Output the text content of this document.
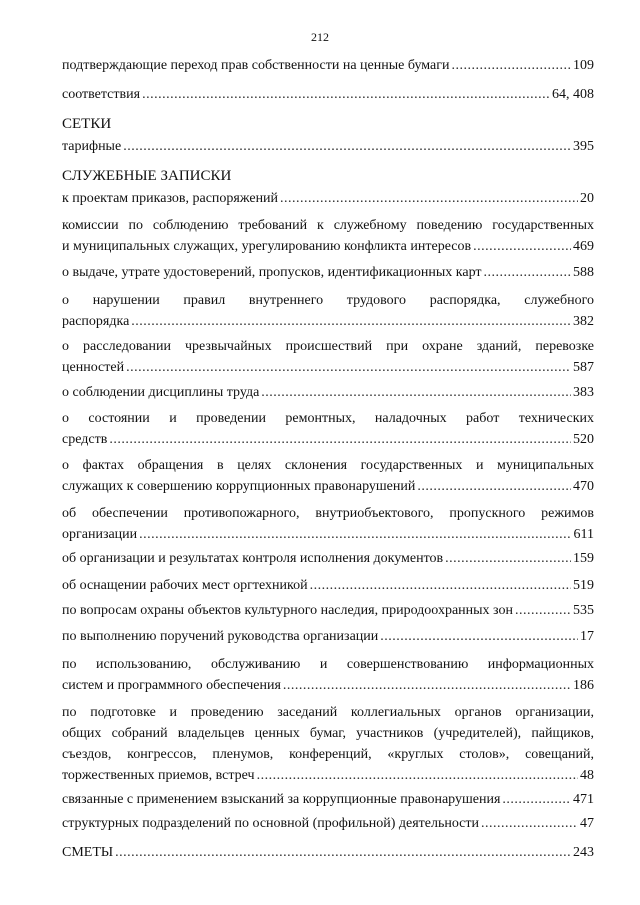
212
подтверждающие переход прав собственности на ценные бумаги .....	109
соответствия .....	64, 408
СЕТКИ
тарифные .....	395
СЛУЖЕБНЫЕ ЗАПИСКИ
к проектам приказов, распоряжений .....	20
комиссии по соблюдению требований к служебному поведению государственных
и муниципальных служащих, урегулированию конфликта интересов .....	469
о выдаче, утрате удостоверений, пропусков, идентификационных карт .....	588
о нарушении правил внутреннего трудового распорядка, служебного
распорядка .....	382
о расследовании чрезвычайных происшествий при охране зданий, перевозке
ценностей .....	587
о соблюдении дисциплины труда .....	383
о состоянии и проведении ремонтных, наладочных работ технических
средств .....	520
о фактах обращения в целях склонения государственных и муниципальных
служащих к совершению коррупционных правонарушений .....	470
об обеспечении противопожарного, внутриобъектового, пропускного режимов
организации .....	611
об организации и результатах контроля исполнения документов .....	159
об оснащении рабочих мест оргтехникой .....	519
по вопросам охраны объектов культурного наследия, природоохранных зон .....	535
по выполнению поручений руководства организации .....	17
по использованию, обслуживанию и совершенствованию информационных
систем и программного обеспечения .....	186
по подготовке и проведению заседаний коллегиальных органов организации,
общих собраний владельцев ценных бумаг, участников (учредителей), пайщиков,
съездов, конгрессов, пленумов, конференций, «круглых столов», совещаний,
торжественных приемов, встреч .....	48
связанные с применением взысканий за коррупционные правонарушения .....	471
структурных подразделений по основной (профильной) деятельности .....	47
СМЕТЫ .....	243
